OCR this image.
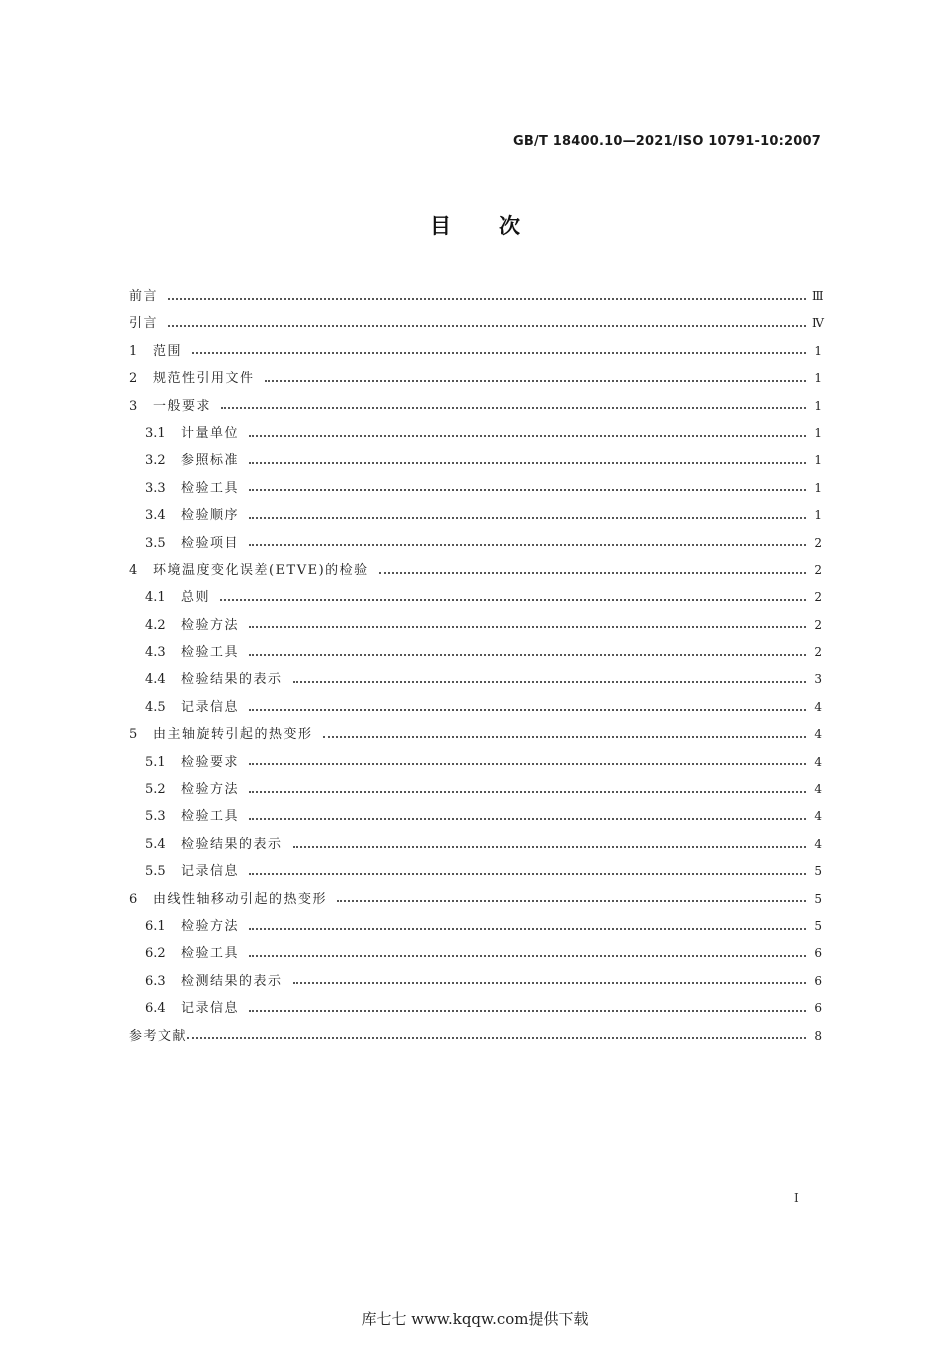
GB/T 18400.10—2021/ISO 10791-10:2007
目次
前言	Ⅲ
引言	Ⅳ
1	范围	1
2	规范性引用文件	1
3	一般要求	1
3.1	计量单位	1
3.2	参照标准	1
3.3	检验工具	1
3.4	检验顺序	1
3.5	检验项目	2
4	环境温度变化误差(ETVE)的检验	2
4.1	总则	2
4.2	检验方法	2
4.3	检验工具	2
4.4	检验结果的表示	3
4.5	记录信息	4
5	由主轴旋转引起的热变形	4
5.1	检验要求	4
5.2	检验方法	4
5.3	检验工具	4
5.4	检验结果的表示	4
5.5	记录信息	5
6	由线性轴移动引起的热变形	5
6.1	检验方法	5
6.2	检验工具	6
6.3	检测结果的表示	6
6.4	记录信息	6
参考文献	8
Ⅰ
库七七 www.kqqw.com提供下载
